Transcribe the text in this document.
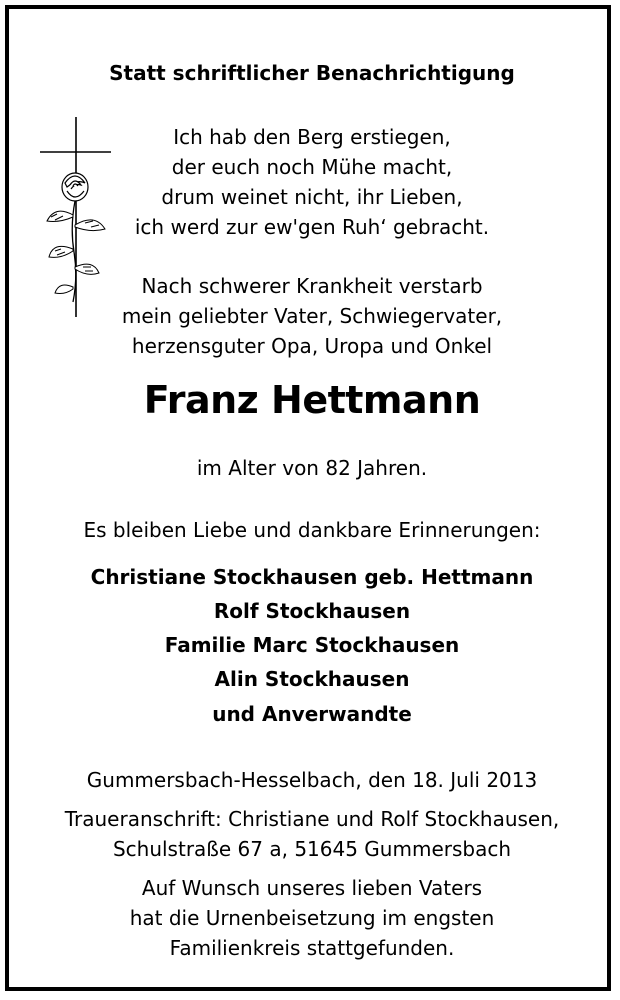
Statt schriftlicher Benachrichtigung
Ich hab den Berg erstiegen,
der euch noch Mühe macht,
drum weinet nicht, ihr Lieben,
ich werd zur ew'gen Ruh‘ gebracht.
Nach schwerer Krankheit verstarb
mein geliebter Vater, Schwiegervater,
herzensguter Opa, Uropa und Onkel
Franz Hettmann
im Alter von 82 Jahren.
Es bleiben Liebe und dankbare Erinnerungen:
Christiane Stockhausen geb. Hettmann
Rolf Stockhausen
Familie Marc Stockhausen
Alin Stockhausen
und Anverwandte
Gummersbach-Hesselbach, den 18. Juli 2013
Traueranschrift: Christiane und Rolf Stockhausen,
Schulstraße 67 a, 51645 Gummersbach
Auf Wunsch unseres lieben Vaters
hat die Urnenbeisetzung im engsten
Familienkreis stattgefunden.
